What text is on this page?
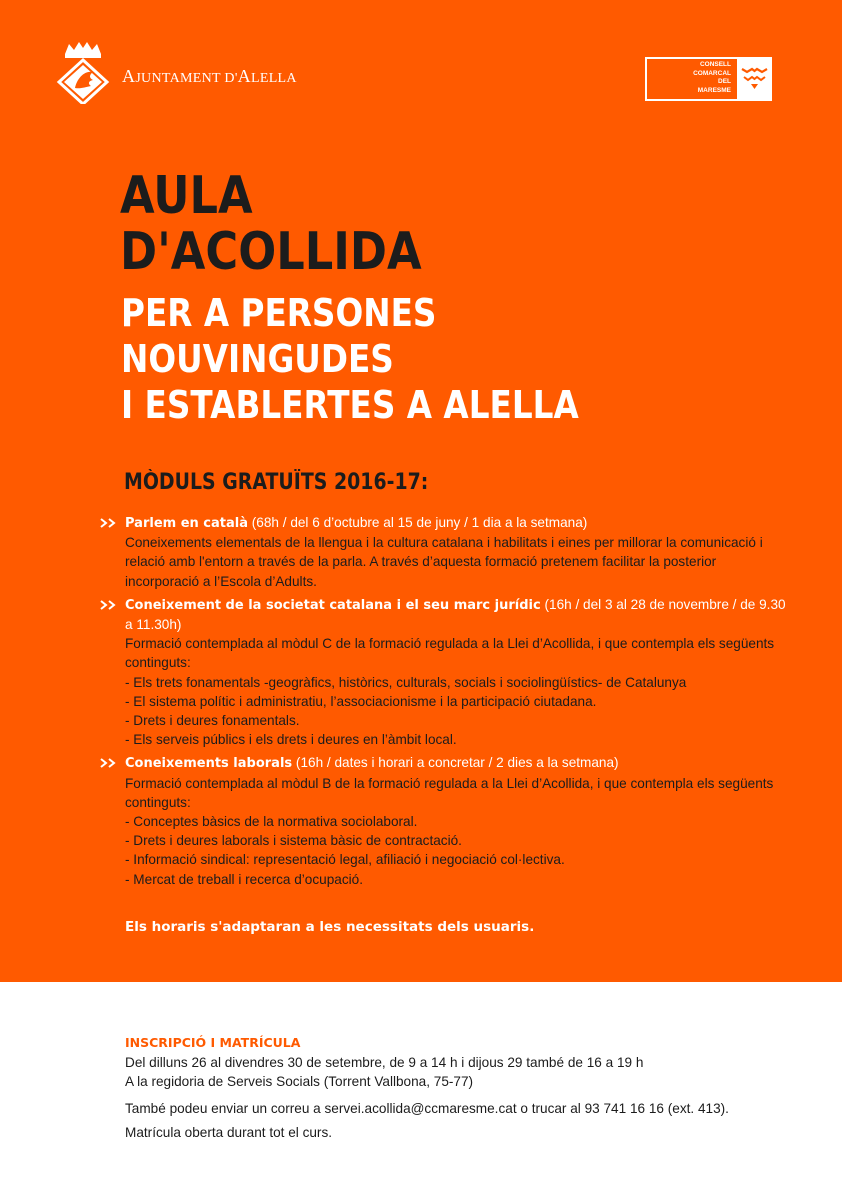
AJUNTAMENT D'ALELLA
CONSELL
COMARCAL
DEL
MARESME
AULA
D'ACOLLIDA
PER A PERSONES
NOUVINGUDES
I ESTABLERTES A ALELLA
MÒDULS GRATUÏTS 2016-17:
Parlem en català (68h / del 6 d’octubre al 15 de juny / 1 dia a la setmana)

Coneixements elementals de la llengua i la cultura catalana i habilitats i eines per millorar la comunicació i relació amb l'entorn a través de la parla. A través d’aquesta formació pretenem facilitar la posterior incorporació a l’Escola d’Adults.

Coneixement de la societat catalana i el seu marc jurídic (16h / del 3 al 28 de novembre / de 9.30 a 11.30h)

Formació contemplada al mòdul C de la formació regulada a la Llei d’Acollida, i que contempla els següents continguts:

- Els trets fonamentals -geogràfics, històrics, culturals, socials i sociolingüístics- de Catalunya
- El sistema polític i administratiu, l’associacionisme i la participació ciutadana.
- Drets i deures fonamentals.
- Els serveis públics i els drets i deures en l’àmbit local.
Coneixements laborals (16h / dates i horari a concretar / 2 dies a la setmana)

Formació contemplada al mòdul B de la formació regulada a la Llei d’Acollida, i que contempla els següents continguts:

- Conceptes bàsics de la normativa sociolaboral.
- Drets i deures laborals i sistema bàsic de contractació.
- Informació sindical: representació legal, afiliació i negociació col·lectiva.
- Mercat de treball i recerca d’ocupació.
Els horaris s'adaptaran a les necessitats dels usuaris.
INSCRIPCIÓ I MATRÍCULA
Del dilluns 26 al divendres 30 de setembre, de 9 a 14 h i dijous 29 també de 16 a 19 h
A la regidoria de Serveis Socials (Torrent Vallbona, 75-77)
També podeu enviar un correu a servei.acollida@ccmaresme.cat o trucar al 93 741 16 16 (ext. 413).
Matrícula oberta durant tot el curs.
